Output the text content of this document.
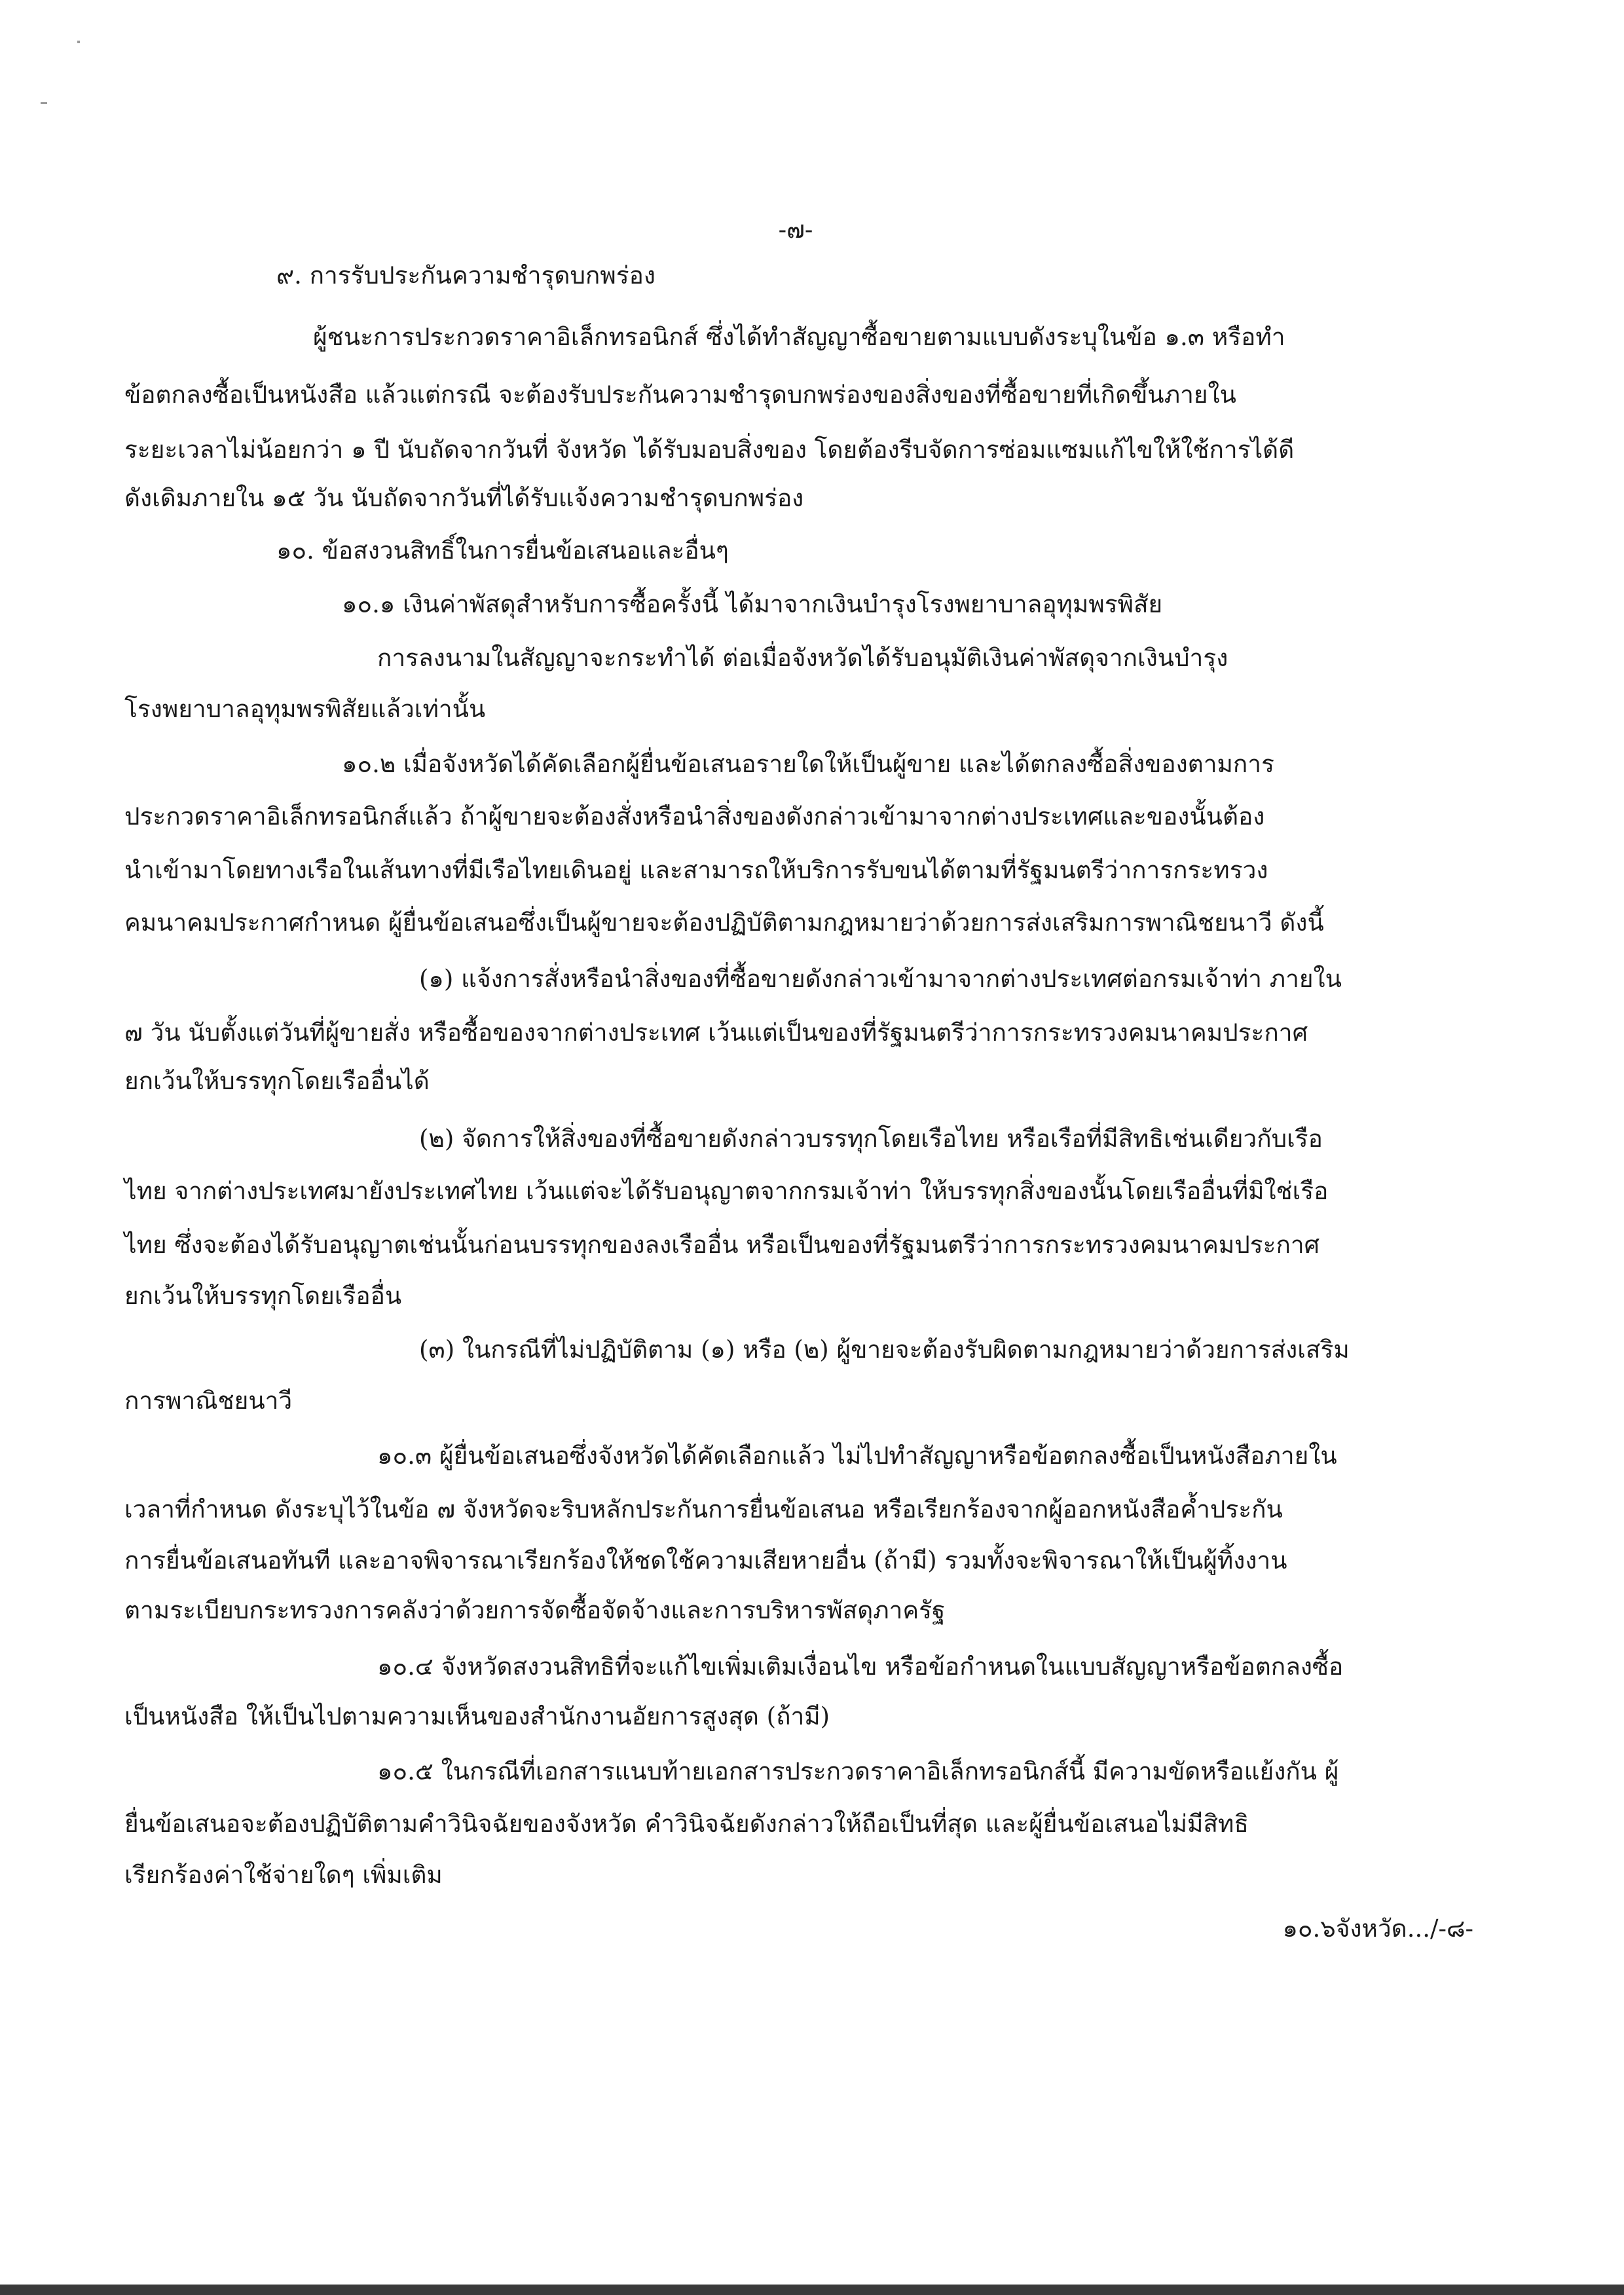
-๗-
๙. การรับประกันความชำรุดบกพร่อง
ผู้ชนะการประกวดราคาอิเล็กทรอนิกส์ ซึ่งได้ทำสัญญาซื้อขายตามแบบดังระบุในข้อ ๑.๓ หรือทำ
ข้อตกลงซื้อเป็นหนังสือ แล้วแต่กรณี จะต้องรับประกันความชำรุดบกพร่องของสิ่งของที่ซื้อขายที่เกิดขึ้นภายใน
ระยะเวลาไม่น้อยกว่า ๑ ปี นับถัดจากวันที่ จังหวัด ได้รับมอบสิ่งของ โดยต้องรีบจัดการซ่อมแซมแก้ไขให้ใช้การได้ดี
ดังเดิมภายใน ๑๕ วัน นับถัดจากวันที่ได้รับแจ้งความชำรุดบกพร่อง
๑๐. ข้อสงวนสิทธิ์ในการยื่นข้อเสนอและอื่นๆ
๑๐.๑ เงินค่าพัสดุสำหรับการซื้อครั้งนี้ ได้มาจากเงินบำรุงโรงพยาบาลอุทุมพรพิสัย
การลงนามในสัญญาจะกระทำได้ ต่อเมื่อจังหวัดได้รับอนุมัติเงินค่าพัสดุจากเงินบำรุง
โรงพยาบาลอุทุมพรพิสัยแล้วเท่านั้น
๑๐.๒ เมื่อจังหวัดได้คัดเลือกผู้ยื่นข้อเสนอรายใดให้เป็นผู้ขาย และได้ตกลงซื้อสิ่งของตามการ
ประกวดราคาอิเล็กทรอนิกส์แล้ว ถ้าผู้ขายจะต้องสั่งหรือนำสิ่งของดังกล่าวเข้ามาจากต่างประเทศและของนั้นต้อง
นำเข้ามาโดยทางเรือในเส้นทางที่มีเรือไทยเดินอยู่ และสามารถให้บริการรับขนได้ตามที่รัฐมนตรีว่าการกระทรวง
คมนาคมประกาศกำหนด ผู้ยื่นข้อเสนอซึ่งเป็นผู้ขายจะต้องปฏิบัติตามกฎหมายว่าด้วยการส่งเสริมการพาณิชยนาวี ดังนี้
(๑) แจ้งการสั่งหรือนำสิ่งของที่ซื้อขายดังกล่าวเข้ามาจากต่างประเทศต่อกรมเจ้าท่า ภายใน
๗ วัน นับตั้งแต่วันที่ผู้ขายสั่ง หรือซื้อของจากต่างประเทศ เว้นแต่เป็นของที่รัฐมนตรีว่าการกระทรวงคมนาคมประกาศ
ยกเว้นให้บรรทุกโดยเรืออื่นได้
(๒) จัดการให้สิ่งของที่ซื้อขายดังกล่าวบรรทุกโดยเรือไทย หรือเรือที่มีสิทธิเช่นเดียวกับเรือ
ไทย จากต่างประเทศมายังประเทศไทย เว้นแต่จะได้รับอนุญาตจากกรมเจ้าท่า ให้บรรทุกสิ่งของนั้นโดยเรืออื่นที่มิใช่เรือ
ไทย ซึ่งจะต้องได้รับอนุญาตเช่นนั้นก่อนบรรทุกของลงเรืออื่น หรือเป็นของที่รัฐมนตรีว่าการกระทรวงคมนาคมประกาศ
ยกเว้นให้บรรทุกโดยเรืออื่น
(๓) ในกรณีที่ไม่ปฏิบัติตาม (๑) หรือ (๒) ผู้ขายจะต้องรับผิดตามกฎหมายว่าด้วยการส่งเสริม
การพาณิชยนาวี
๑๐.๓ ผู้ยื่นข้อเสนอซึ่งจังหวัดได้คัดเลือกแล้ว ไม่ไปทำสัญญาหรือข้อตกลงซื้อเป็นหนังสือภายใน
เวลาที่กำหนด ดังระบุไว้ในข้อ ๗ จังหวัดจะริบหลักประกันการยื่นข้อเสนอ หรือเรียกร้องจากผู้ออกหนังสือค้ำประกัน
การยื่นข้อเสนอทันที และอาจพิจารณาเรียกร้องให้ชดใช้ความเสียหายอื่น (ถ้ามี) รวมทั้งจะพิจารณาให้เป็นผู้ทิ้งงาน
ตามระเบียบกระทรวงการคลังว่าด้วยการจัดซื้อจัดจ้างและการบริหารพัสดุภาครัฐ
๑๐.๔ จังหวัดสงวนสิทธิที่จะแก้ไขเพิ่มเติมเงื่อนไข หรือข้อกำหนดในแบบสัญญาหรือข้อตกลงซื้อ
เป็นหนังสือ ให้เป็นไปตามความเห็นของสำนักงานอัยการสูงสุด (ถ้ามี)
๑๐.๕ ในกรณีที่เอกสารแนบท้ายเอกสารประกวดราคาอิเล็กทรอนิกส์นี้ มีความขัดหรือแย้งกัน ผู้
ยื่นข้อเสนอจะต้องปฏิบัติตามคำวินิจฉัยของจังหวัด คำวินิจฉัยดังกล่าวให้ถือเป็นที่สุด และผู้ยื่นข้อเสนอไม่มีสิทธิ
เรียกร้องค่าใช้จ่ายใดๆ เพิ่มเติม
๑๐.๖จังหวัด.../-๘-
